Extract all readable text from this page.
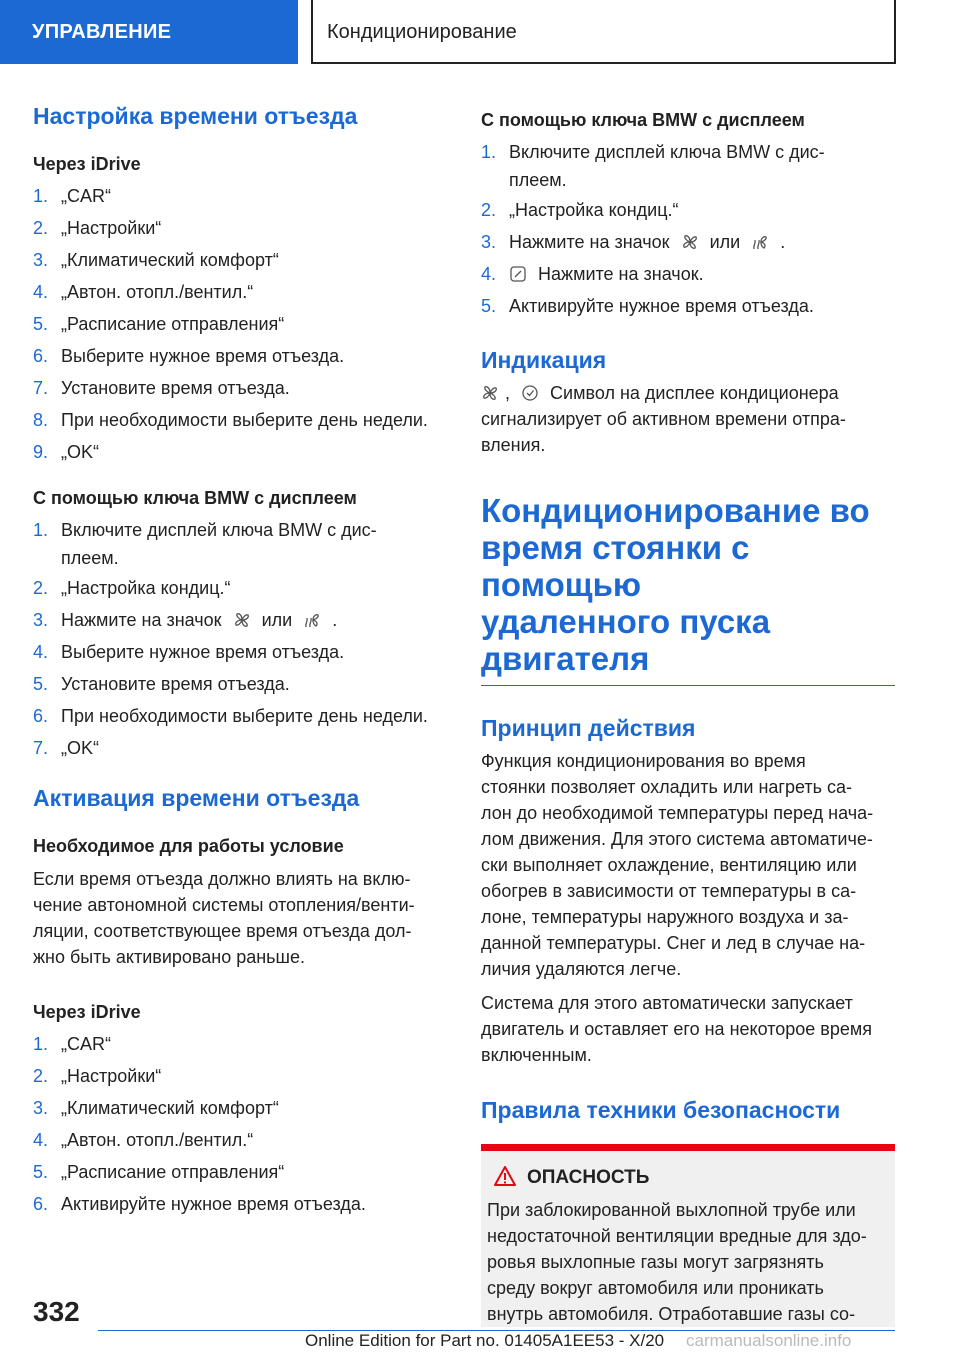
УПРАВЛЕНИЕ	Кондиционирование
Настройка времени отъезда
Через iDrive
1. „CAR“
2. „Настройки“
3. „Климатический комфорт“
4. „Автон. отопл./вентил.“
5. „Расписание отправления“
6. Выберите нужное время отъезда.
7. Установите время отъезда.
8. При необходимости выберите день недели.
9. „OK“
С помощью ключа BMW с дисплеем
1. Включите дисплей ключа BMW с дис-
плеем.
2. „Настройка кондиц.“
3. Нажмите на значок или .
4. Выберите нужное время отъезда.
5. Установите время отъезда.
6. При необходимости выберите день недели.
7. „OK“
Активация времени отъезда
Необходимое для работы условие

Если время отъезда должно влиять на вклю-
чение автономной системы отопления/венти-
ляции, соответствующее время отъезда дол-
жно быть активировано раньше.

Через iDrive
1. „CAR“
2. „Настройки“
3. „Климатический комфорт“
4. „Автон. отопл./вентил.“
5. „Расписание отправления“
6. Активируйте нужное время отъезда.
С помощью ключа BMW с дисплеем
1. Включите дисплей ключа BMW с дис-
плеем.
2. „Настройка кондиц.“
3. Нажмите на значок или .
4. Нажмите на значок.
5. Активируйте нужное время отъезда.
Индикация

, Символ на дисплее кондиционера
сигнализирует об активном времени отпра-
вления.

Кондиционирование во
время стоянки с помощью
удаленного пуска
двигателя
Принцип действия

Функция кондиционирования во время
стоянки позволяет охладить или нагреть са-
лон до необходимой температуры перед нача-
лом движения. Для этого система автоматиче-
ски выполняет охлаждение, вентиляцию или
обогрев в зависимости от температуры в са-
лоне, температуры наружного воздуха и за-
данной температуры. Снег и лед в случае на-
личия удаляются легче.

Система для этого автоматически запускает
двигатель и оставляет его на некоторое время
включенным.

Правила техники безопасности
ОПАСНОСТЬ

При заблокированной выхлопной трубе или
недостаточной вентиляции вредные для здо-
ровья выхлопные газы могут загрязнять
среду вокруг автомобиля или проникать
внутрь автомобиля. Отработавшие газы со-

332
Online Edition for Part no. 01405A1EE53 - X/20 carmanualsonline.info
